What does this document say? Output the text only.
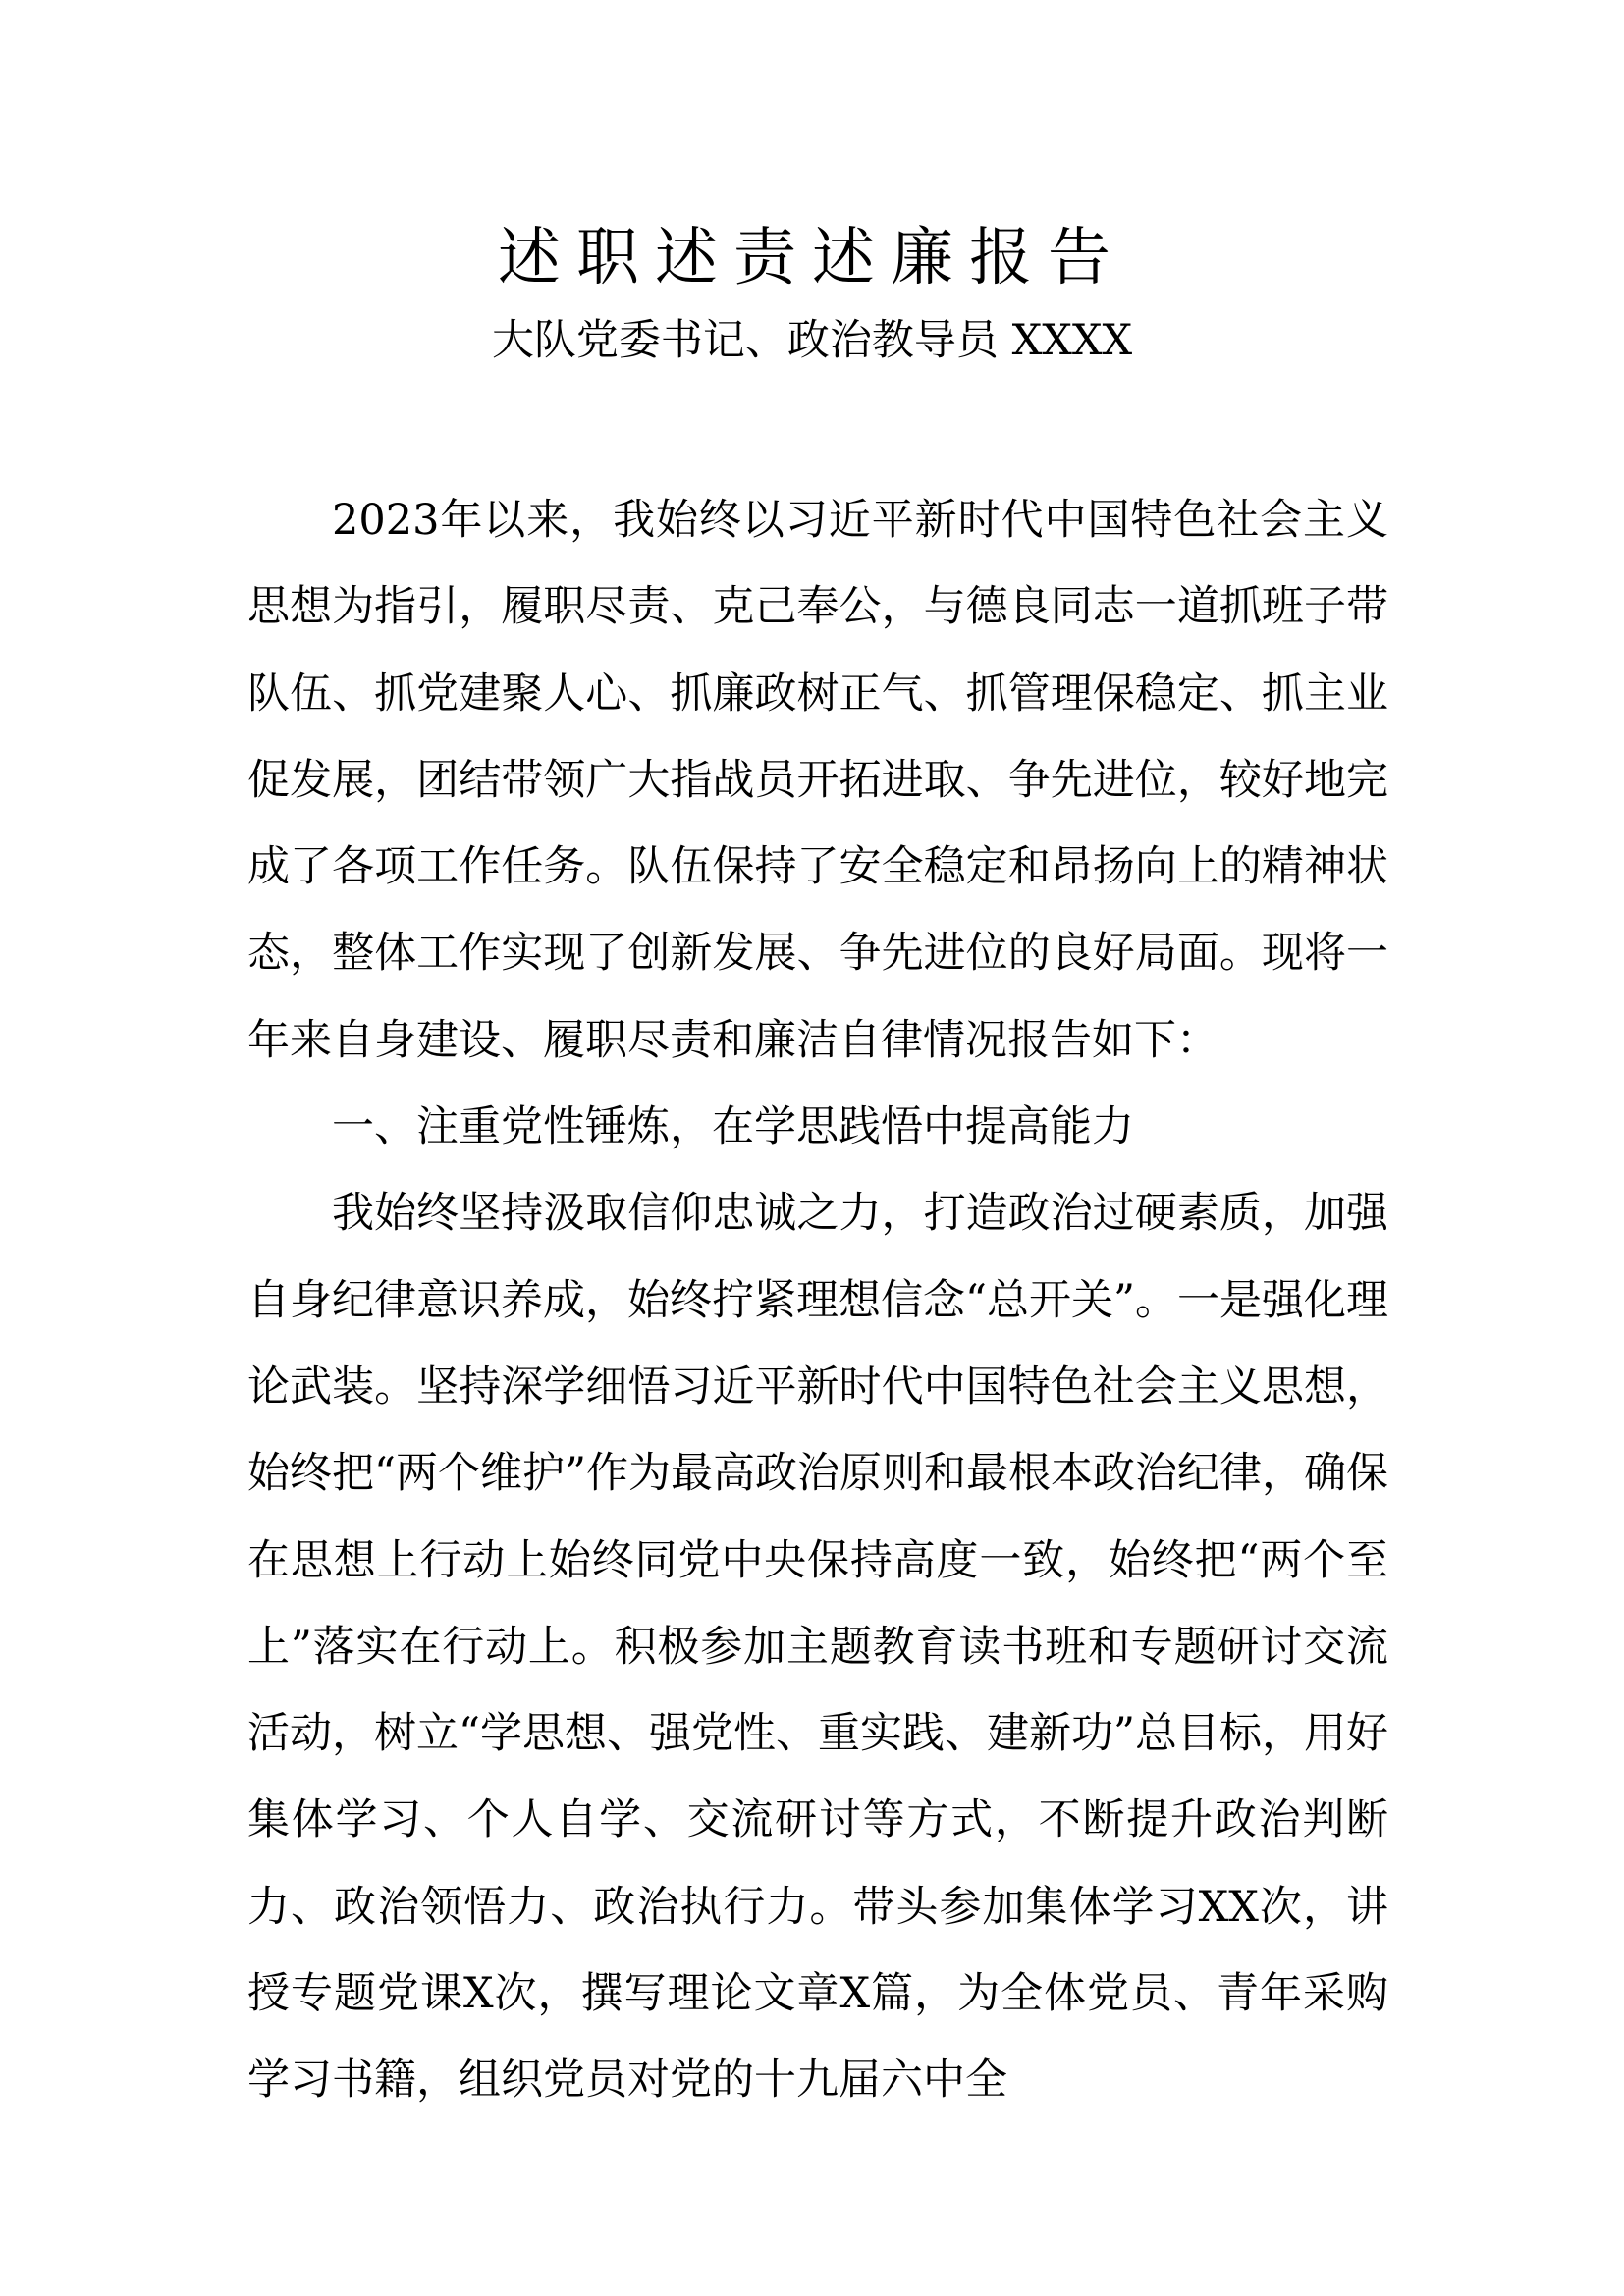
述职述责述廉报告
大队党委书记、政治教导员 XXXX

2023年以来，我始终以习近平新时代中国特色社会主义思想为指引，履职尽责、克己奉公，与德良同志一道抓班子带队伍、抓党建聚人心、抓廉政树正气、抓管理保稳定、抓主业促发展，团结带领广大指战员开拓进取、争先进位，较好地完成了各项工作任务。队伍保持了安全稳定和昂扬向上的精神状态，整体工作实现了创新发展、争先进位的良好局面。现将一年来自身建设、履职尽责和廉洁自律情况报告如下：

一、注重党性锤炼，在学思践悟中提高能力

我始终坚持汲取信仰忠诚之力，打造政治过硬素质，加强自身纪律意识养成，始终拧紧理想信念“总开关”。一是强化理论武装。坚持深学细悟习近平新时代中国特色社会主义思想，始终把“两个维护”作为最高政治原则和最根本政治纪律，确保在思想上行动上始终同党中央保持高度一致，始终把“两个至上”落实在行动上。积极参加主题教育读书班和专题研讨交流活动，树立“学思想、强党性、重实践、建新功”总目标，用好集体学习、个人自学、交流研讨等方式，不断提升政治判断力、政治领悟力、政治执行力。带头参加集体学习XX次，讲授专题党课X次，撰写理论文章X篇，为全体党员、青年采购学习书籍，组织党员对党的十九届六中全
